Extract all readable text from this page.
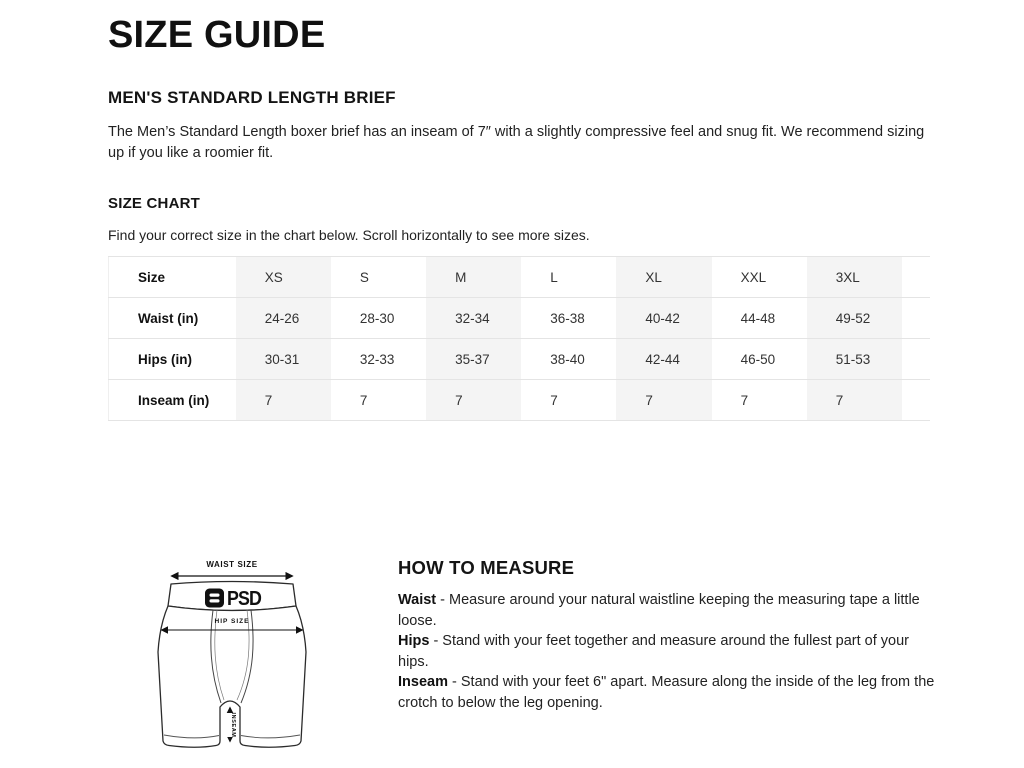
SIZE GUIDE
MEN'S STANDARD LENGTH BRIEF

The Men’s Standard Length boxer brief has an inseam of 7″ with a slightly compressive feel and snug fit. We recommend sizing up if you like a roomier fit.

SIZE CHART

Find your correct size in the chart below. Scroll horizontally to see more sizes.

Size	XS	S	M	L	XL	XXL	3XL	
Waist (in)	24-26	28-30	32-34	36-38	40-42	44-48	49-52	
Hips (in)	30-31	32-33	35-37	38-40	42-44	46-50	51-53	
Inseam (in)	7	7	7	7	7	7	7	
WAIST SIZE
PSD
HIP SIZE
INSEAM
HOW TO MEASURE

Waist - Measure around your natural waistline keeping the measuring tape a little loose.

Hips - Stand with your feet together and measure around the fullest part of your hips.

Inseam - Stand with your feet 6" apart. Measure along the inside of the leg from the crotch to below the leg opening.
